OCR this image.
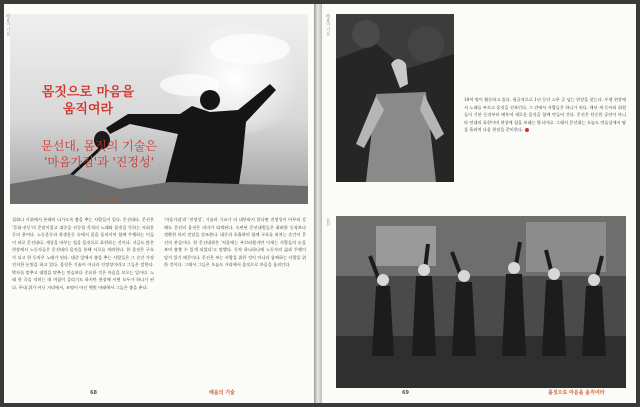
몸짓으로 마음을
움직여라
문선대, 몸짓의 기술은
'마음가짐'과 '진정성'
박다솜 기자
집회나 시위에서 본래의 나가도록 춤을 추는 사람들이 있다. 문선대다. 문선은 '문화·선동'의 준말이었고 대중을 선동할 목적의 노래와 몸짓을 뜻하는 사회운동의 용어다. 노동운동과 학생운동 속에서 몸을 움직이며 함께 투쟁하는 이들이 바로 문선대다. 세상을 바꾸는 힘을 몸짓으로 표현하는 것이다. 지금도 많은 현장에서 노동자들은 문선대의 몸짓을 통해 서로를 격려한다. 한 몸짓은 구호가 되고 한 동작은 노래가 된다. 대중 앞에서 춤을 추는 사람들은 그 순간 가장 진지한 눈빛을 하고 있다. 몸짓은 기술이 아니라 진정성이라고 그들은 말한다. 박자를 맞추고 대열을 맞추는 연습보다 중요한 것은 마음을 모으는 일이다. 노래 한 곡을 익히는 데 며칠이 걸리기도 하지만 현장에 서면 모두가 하나가 된다. 무대 위가 아닌 거리에서, 조명이 아닌 햇빛 아래에서 그들은 춤을 춘다.
'마음가짐'과 '진정성', 기술과 기교가 더 대단하지 않다면 진정성이 아무리 강해도 문선의 몸짓은 의미가 퇴색된다. 숙련된 문선대원들은 화려한 동작보다 정확한 의미 전달을 강조한다. 대중과 호흡하며 함께 구호를 외치는 순간이 문선의 본질이다. 한 문선대원은 '처음에는 부끄러웠지만 이제는 사람들의 눈을 보며 춤출 수 있게 되었다'고 말했다. 동작 하나하나에 노동자의 삶과 투쟁이 담겨 있기 때문이다. 문선은 보는 사람을 위한 것이 아니라 함께하는 사람을 위한 것이다. 그래서 그들은 오늘도 거리에서 몸짓으로 마음을 움직인다.
배움의 기술
68	배움의 기술
배움의 기술
10여 명이 활동하고 있다. 평균적으로 1년 동안 스무 곳 넘는 현장을 찾는다. 투쟁 현장에서 노래를 부르고 몸짓을 선보인다. 그 안에서 사람들은 하나가 된다. 매년 새 동아리 회원들이 기본 동작부터 배우며 새로운 몸짓을 함께 만들어 간다. 문선은 단순한 공연이 아니라 연대의 표현이며 현장에 힘을 보태는 방식이다. 그래서 문선대는 오늘도 연습실에서 땀을 흘리며 다음 현장을 준비한다.
문선
69	몸짓으로 마음을 움직여라
